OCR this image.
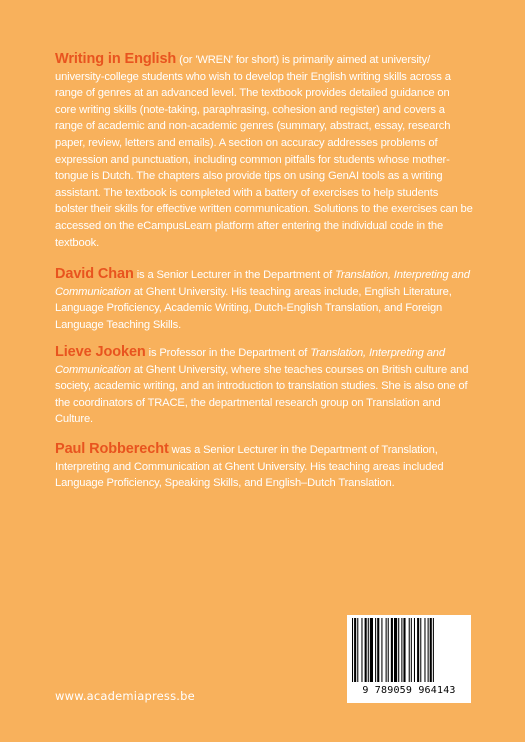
Writing in English (or 'WREN' for short) is primarily aimed at university/ university-college students who wish to develop their English writing skills across a range of genres at an advanced level. The textbook provides detailed guidance on core writing skills (note-taking, paraphrasing, cohesion and register) and covers a range of academic and non-academic genres (summary, abstract, essay, research paper, review, letters and emails). A section on accuracy addresses problems of expression and punctuation, including common pitfalls for students whose mother-tongue is Dutch. The chapters also provide tips on using GenAI tools as a writing assistant. The textbook is completed with a battery of exercises to help students bolster their skills for effective written communication. Solutions to the exercises can be accessed on the eCampusLearn platform after entering the individual code in the textbook.
David Chan is a Senior Lecturer in the Department of Translation, Interpreting and Communication at Ghent University. His teaching areas include, English Literature, Language Proficiency, Academic Writing, Dutch-English Translation, and Foreign Language Teaching Skills.
Lieve Jooken is Professor in the Department of Translation, Interpreting and Communication at Ghent University, where she teaches courses on British culture and society, academic writing, and an introduction to translation studies. She is also one of the coordinators of TRACE, the departmental research group on Translation and Culture.
Paul Robberecht was a Senior Lecturer in the Department of Translation, Interpreting and Communication at Ghent University. His teaching areas included Language Proficiency, Speaking Skills, and English–Dutch Translation.
www.academiapress.be	9 789059 964143
